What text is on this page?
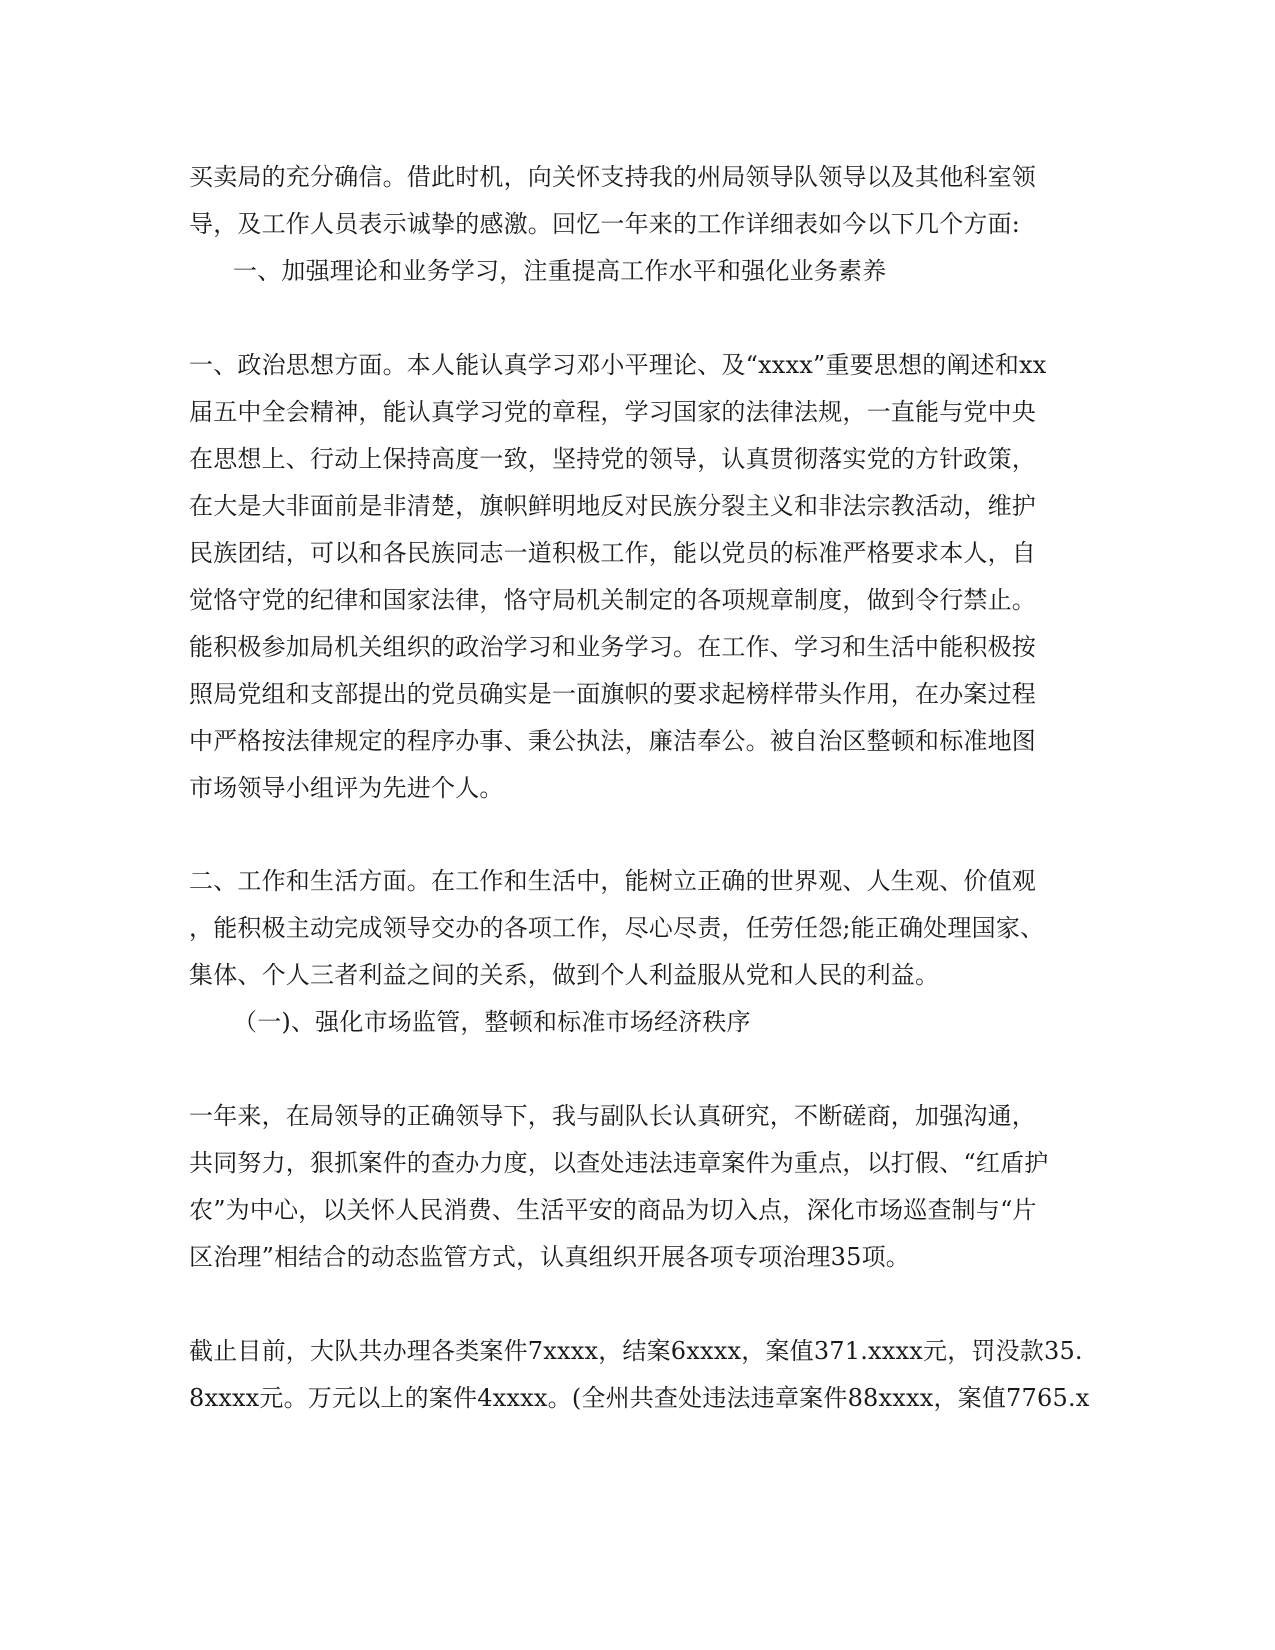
买卖局的充分确信。借此时机，向关怀支持我的州局领导队领导以及其他科室领
导，及工作人员表示诚挚的感激。回忆一年来的工作详细表如今以下几个方面:
一、加强理论和业务学习，注重提高工作水平和强化业务素养
一、政治思想方面。本人能认真学习邓小平理论、及“xxxx”重要思想的阐述和xx
届五中全会精神，能认真学习党的章程，学习国家的法律法规，一直能与党中央
在思想上、行动上保持高度一致，坚持党的领导，认真贯彻落实党的方针政策，
在大是大非面前是非清楚，旗帜鲜明地反对民族分裂主义和非法宗教活动，维护
民族团结，可以和各民族同志一道积极工作，能以党员的标准严格要求本人，自
觉恪守党的纪律和国家法律，恪守局机关制定的各项规章制度，做到令行禁止。
能积极参加局机关组织的政治学习和业务学习。在工作、学习和生活中能积极按
照局党组和支部提出的党员确实是一面旗帜的要求起榜样带头作用，在办案过程
中严格按法律规定的程序办事、秉公执法，廉洁奉公。被自治区整顿和标准地图
市场领导小组评为先进个人。
二、工作和生活方面。在工作和生活中，能树立正确的世界观、人生观、价值观
，能积极主动完成领导交办的各项工作，尽心尽责，任劳任怨;能正确处理国家、
集体、个人三者利益之间的关系，做到个人利益服从党和人民的利益。
（一)、强化市场监管，整顿和标准市场经济秩序
一年来，在局领导的正确领导下，我与副队长认真研究，不断磋商，加强沟通，
共同努力，狠抓案件的查办力度，以查处违法违章案件为重点，以打假、“红盾护
农”为中心，以关怀人民消费、生活平安的商品为切入点，深化市场巡查制与“片
区治理”相结合的动态监管方式，认真组织开展各项专项治理35项。
截止目前，大队共办理各类案件7xxxx，结案6xxxx，案值371.xxxx元，罚没款35.
8xxxx元。万元以上的案件4xxxx。(全州共查处违法违章案件88xxxx，案值7765.x
